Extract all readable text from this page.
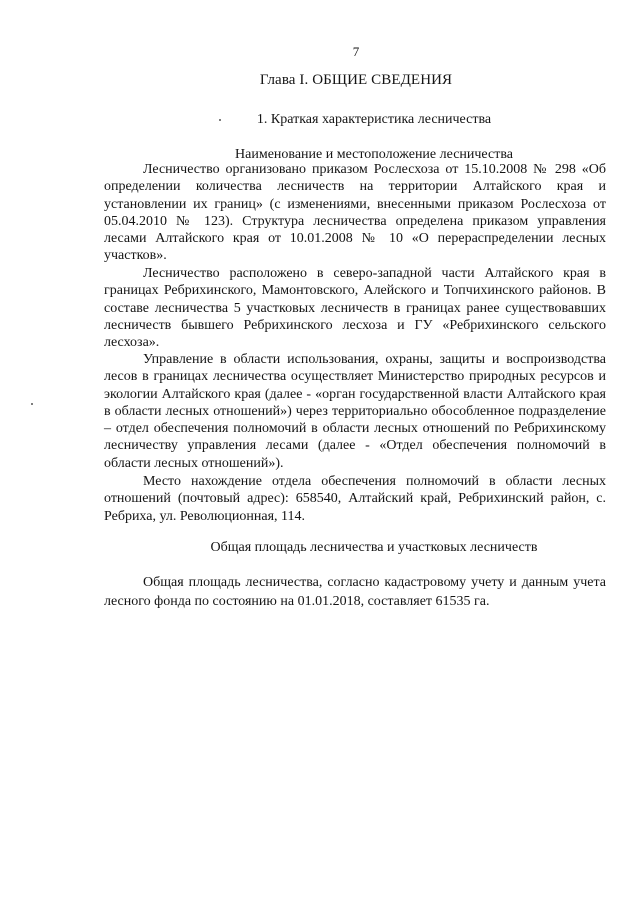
7
Глава I. ОБЩИЕ СВЕДЕНИЯ
1. Краткая характеристика лесничества
Наименование и местоположение лесничества

Лесничество организовано приказом Рослесхоза от 15.10.2008 № 298 «Об определении количества лесничеств на территории Алтайского края и установлении их границ» (с изменениями, внесенными приказом Рослесхоза от 05.04.2010 № 123). Структура лесничества определена приказом управления лесами Алтайского края от 10.01.2008 № 10 «О перераспределении лесных участков».

Лесничество расположено в северо-западной части Алтайского края в границах Ребрихинского, Мамонтовского, Алейского и Топчихинского районов. В составе лесничества 5 участковых лесничеств в границах ранее существовавших лесничеств бывшего Ребрихинского лесхоза и ГУ «Ребрихинского сельского лесхоза».

Управление в области использования, охраны, защиты и воспроизводства лесов в границах лесничества осуществляет Министерство природных ресурсов и экологии Алтайского края (далее - «орган государственной власти Алтайского края в области лесных отношений») через территориально обособленное подразделение – отдел обеспечения полномочий в области лесных отношений по Ребрихинскому лесничеству управления лесами (далее - «Отдел обеспечения полномочий в области лесных отношений»).

Место нахождение отдела обеспечения полномочий в области лесных отношений (почтовый адрес): 658540, Алтайский край, Ребрихинский район, с. Ребриха, ул. Революционная, 114.

Общая площадь лесничества и участковых лесничеств

Общая площадь лесничества, согласно кадастровому учету и данным учета лесного фонда по состоянию на 01.01.2018, составляет 61535 га.
